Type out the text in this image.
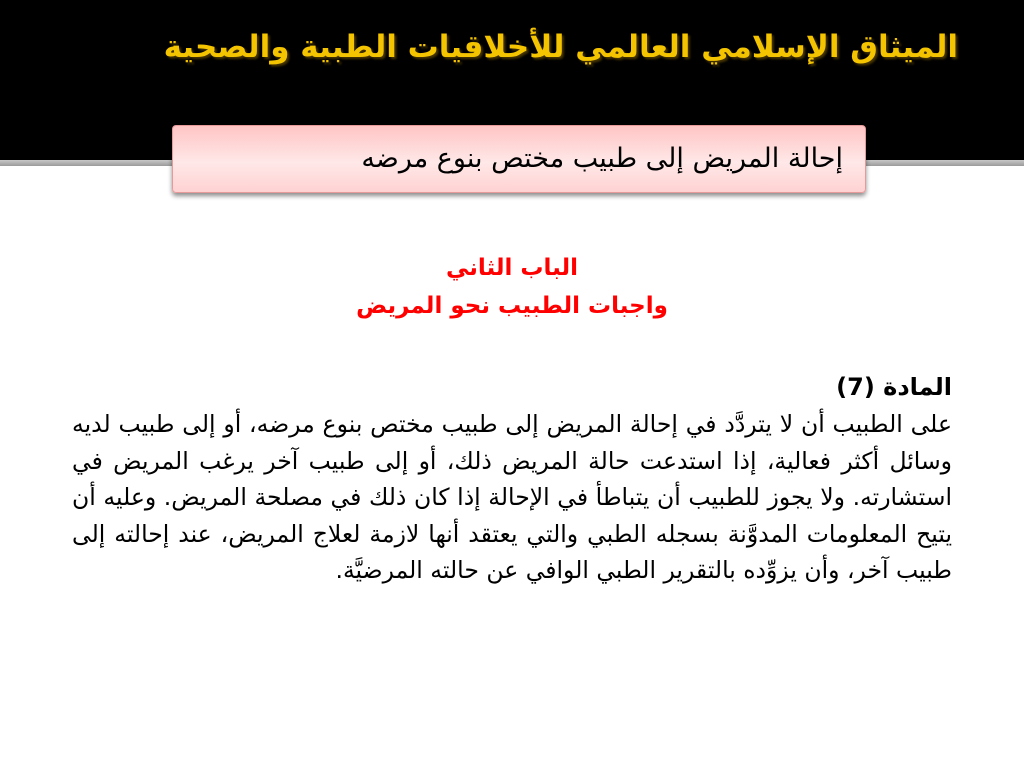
الميثاق الإسلامي العالمي للأخلاقيات الطبية والصحية
إحالة المريض إلى طبيب مختص بنوع مرضه
الباب الثاني
واجبات الطبيب نحو المريض
المادة (7)

على الطبيب أن لا يتردَّد في إحالة المريض إلى طبيب مختص بنوع مرضه، أو إلى طبيب لديه وسائل أكثر فعالية، إذا استدعت حالة المريض ذلك، أو إلى طبيب آخر يرغب المريض في استشارته. ولا يجوز للطبيب أن يتباطأ في الإحالة إذا كان ذلك في مصلحة المريض. وعليه أن يتيح المعلومات المدوَّنة بسجله الطبي والتي يعتقد أنها لازمة لعلاج المريض، عند إحالته إلى طبيب آخر، وأن يزوِّده بالتقرير الطبي الوافي عن حالته المرضيَّة.
